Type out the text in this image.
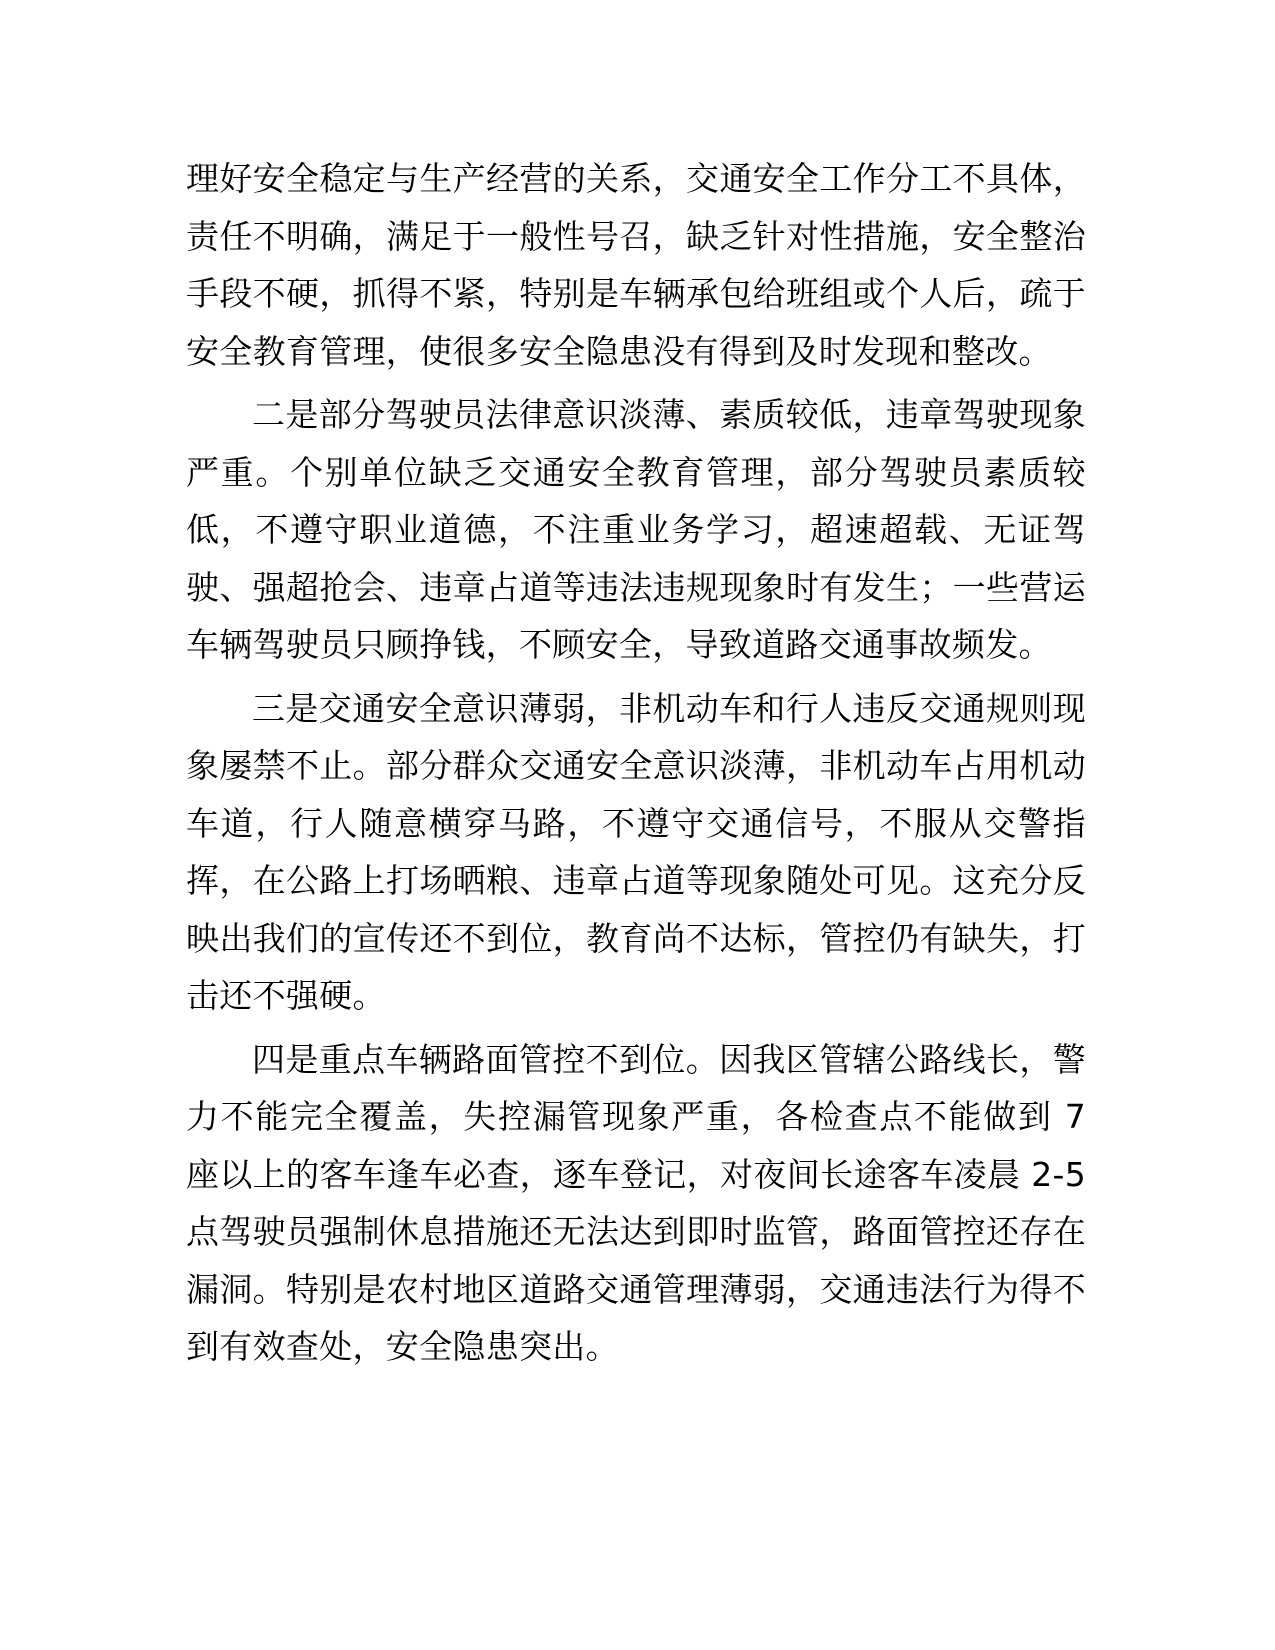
理好安全稳定与生产经营的关系，交通安全工作分工不具体，责任不明确，满足于一般性号召，缺乏针对性措施，安全整治手段不硬，抓得不紧，特别是车辆承包给班组或个人后，疏于安全教育管理，使很多安全隐患没有得到及时发现和整改。

二是部分驾驶员法律意识淡薄、素质较低，违章驾驶现象严重。个别单位缺乏交通安全教育管理，部分驾驶员素质较低，不遵守职业道德，不注重业务学习，超速超载、无证驾驶、强超抢会、违章占道等违法违规现象时有发生；一些营运车辆驾驶员只顾挣钱，不顾安全，导致道路交通事故频发。

三是交通安全意识薄弱，非机动车和行人违反交通规则现象屡禁不止。部分群众交通安全意识淡薄，非机动车占用机动车道，行人随意横穿马路，不遵守交通信号，不服从交警指挥，在公路上打场晒粮、违章占道等现象随处可见。这充分反映出我们的宣传还不到位，教育尚不达标，管控仍有缺失，打击还不强硬。

四是重点车辆路面管控不到位。因我区管辖公路线长，警力不能完全覆盖，失控漏管现象严重，各检查点不能做到 7 座以上的客车逢车必查，逐车登记，对夜间长途客车凌晨 2-5 点驾驶员强制休息措施还无法达到即时监管，路面管控还存在漏洞。特别是农村地区道路交通管理薄弱，交通违法行为得不到有效查处，安全隐患突出。
